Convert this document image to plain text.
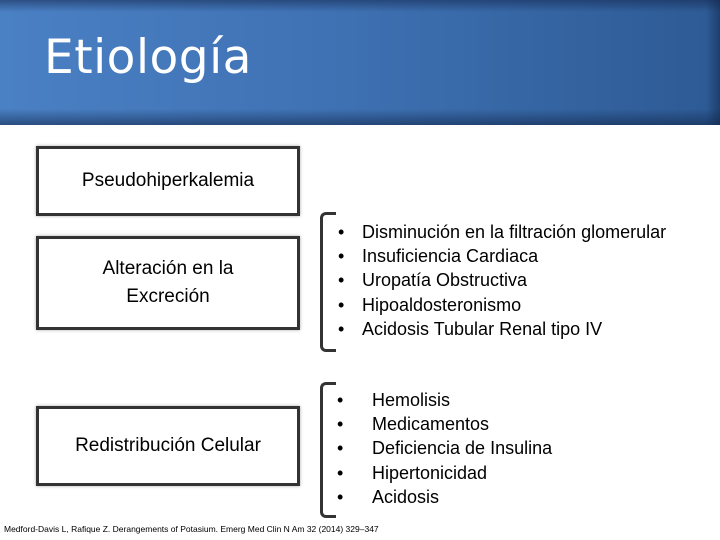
Etiología
Pseudohiperkalemia
Alteración en la
Excreción
Redistribución Celular
• Disminución en la filtración glomerular
• Insuficiencia Cardiaca
• Uropatía Obstructiva
• Hipoaldosteronismo
• Acidosis Tubular Renal tipo IV
•	Hemolisis
•	Medicamentos
•	Deficiencia de Insulina
•	Hipertonicidad
•	Acidosis
Medford-Davis L, Rafique Z. Derangements of Potasium. Emerg Med Clin N Am 32 (2014) 329–347
